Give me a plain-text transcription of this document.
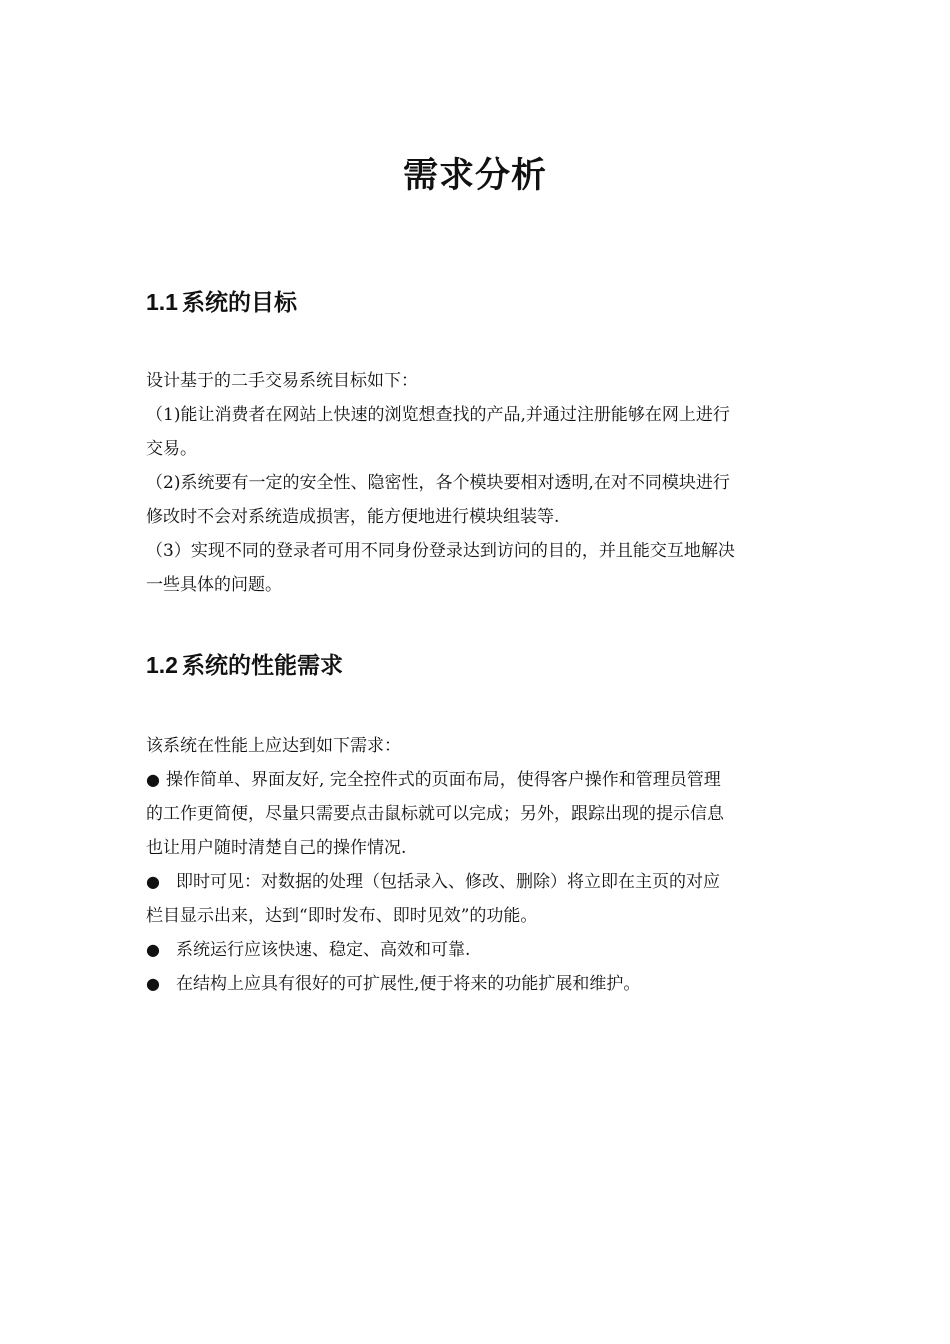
需求分析
1.1 系统的目标

设计基于的二手交易系统目标如下：

（1)能让消费者在网站上快速的浏览想查找的产品,并通过注册能够在网上进行

交易。

（2)系统要有一定的安全性、隐密性，各个模块要相对透明,在对不同模块进行

修改时不会对系统造成损害，能方便地进行模块组装等.

（3）实现不同的登录者可用不同身份登录达到访问的目的，并且能交互地解决

一些具体的问题。

1.2 系统的性能需求

该系统在性能上应达到如下需求：

● 操作简单、界面友好, 完全控件式的页面布局，使得客户操作和管理员管理

的工作更简便，尽量只需要点击鼠标就可以完成；另外，跟踪出现的提示信息

也让用户随时清楚自己的操作情况.

● 即时可见：对数据的处理（包括录入、修改、删除）将立即在主页的对应

栏目显示出来，达到“即时发布、即时见效”的功能。

● 系统运行应该快速、稳定、高效和可靠.

● 在结构上应具有很好的可扩展性,便于将来的功能扩展和维护。
